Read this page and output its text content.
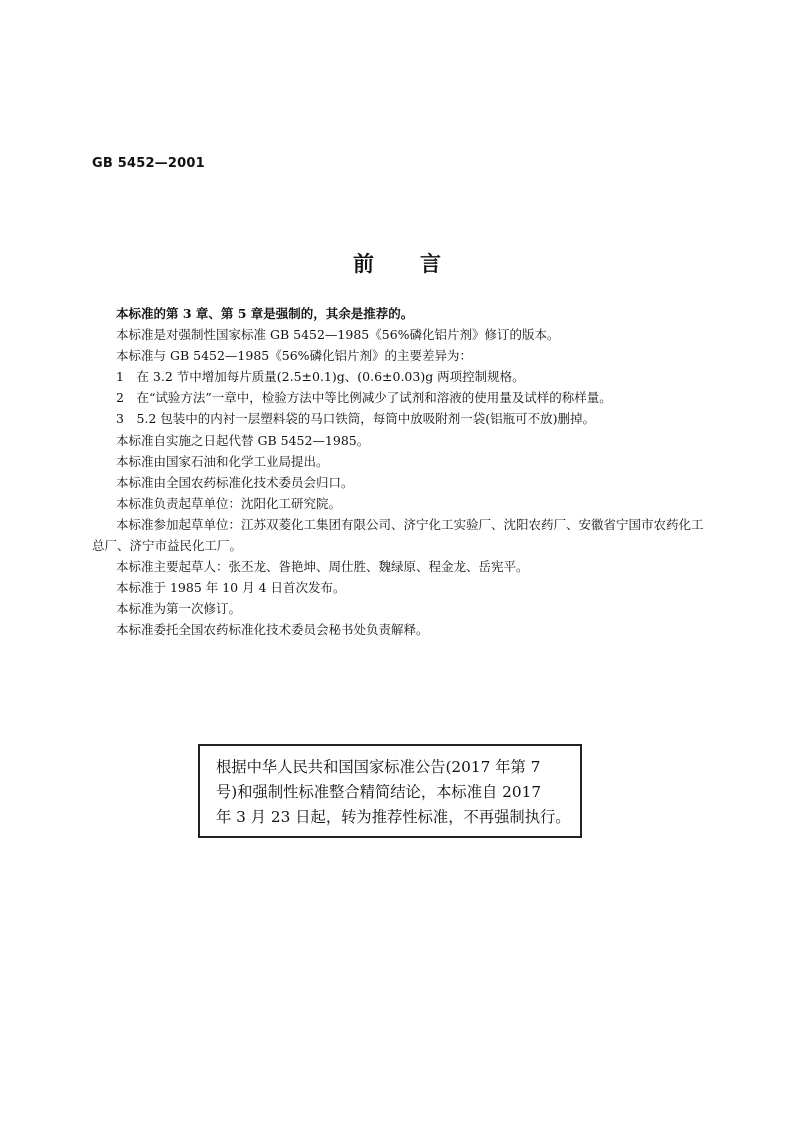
GB 5452—2001
前言

本标准的第 3 章、第 5 章是强制的，其余是推荐的。

本标准是对强制性国家标准 GB 5452—1985《56%磷化铝片剂》修订的版本。

本标准与 GB 5452—1985《56%磷化铝片剂》的主要差异为：

1　在 3.2 节中增加每片质量(2.5±0.1)g、(0.6±0.03)g 两项控制规格。

2　在“试验方法”一章中，检验方法中等比例减少了试剂和溶液的使用量及试样的称样量。

3　5.2 包装中的内衬一层塑料袋的马口铁筒，每筒中放吸附剂一袋(铝瓶可不放)删掉。

本标准自实施之日起代替 GB 5452—1985。

本标准由国家石油和化学工业局提出。

本标准由全国农药标准化技术委员会归口。

本标准负责起草单位：沈阳化工研究院。

本标准参加起草单位：江苏双菱化工集团有限公司、济宁化工实验厂、沈阳农药厂、安徽省宁国市农药化工总厂、济宁市益民化工厂。

本标准主要起草人：张丕龙、昝艳坤、周仕胜、魏绿原、程金龙、岳宪平。

本标准于 1985 年 10 月 4 日首次发布。

本标准为第一次修订。

本标准委托全国农药标准化技术委员会秘书处负责解释。

根据中华人民共和国国家标准公告(2017 年第 7
号)和强制性标准整合精简结论，本标准自 2017
年 3 月 23 日起，转为推荐性标准，不再强制执行。
